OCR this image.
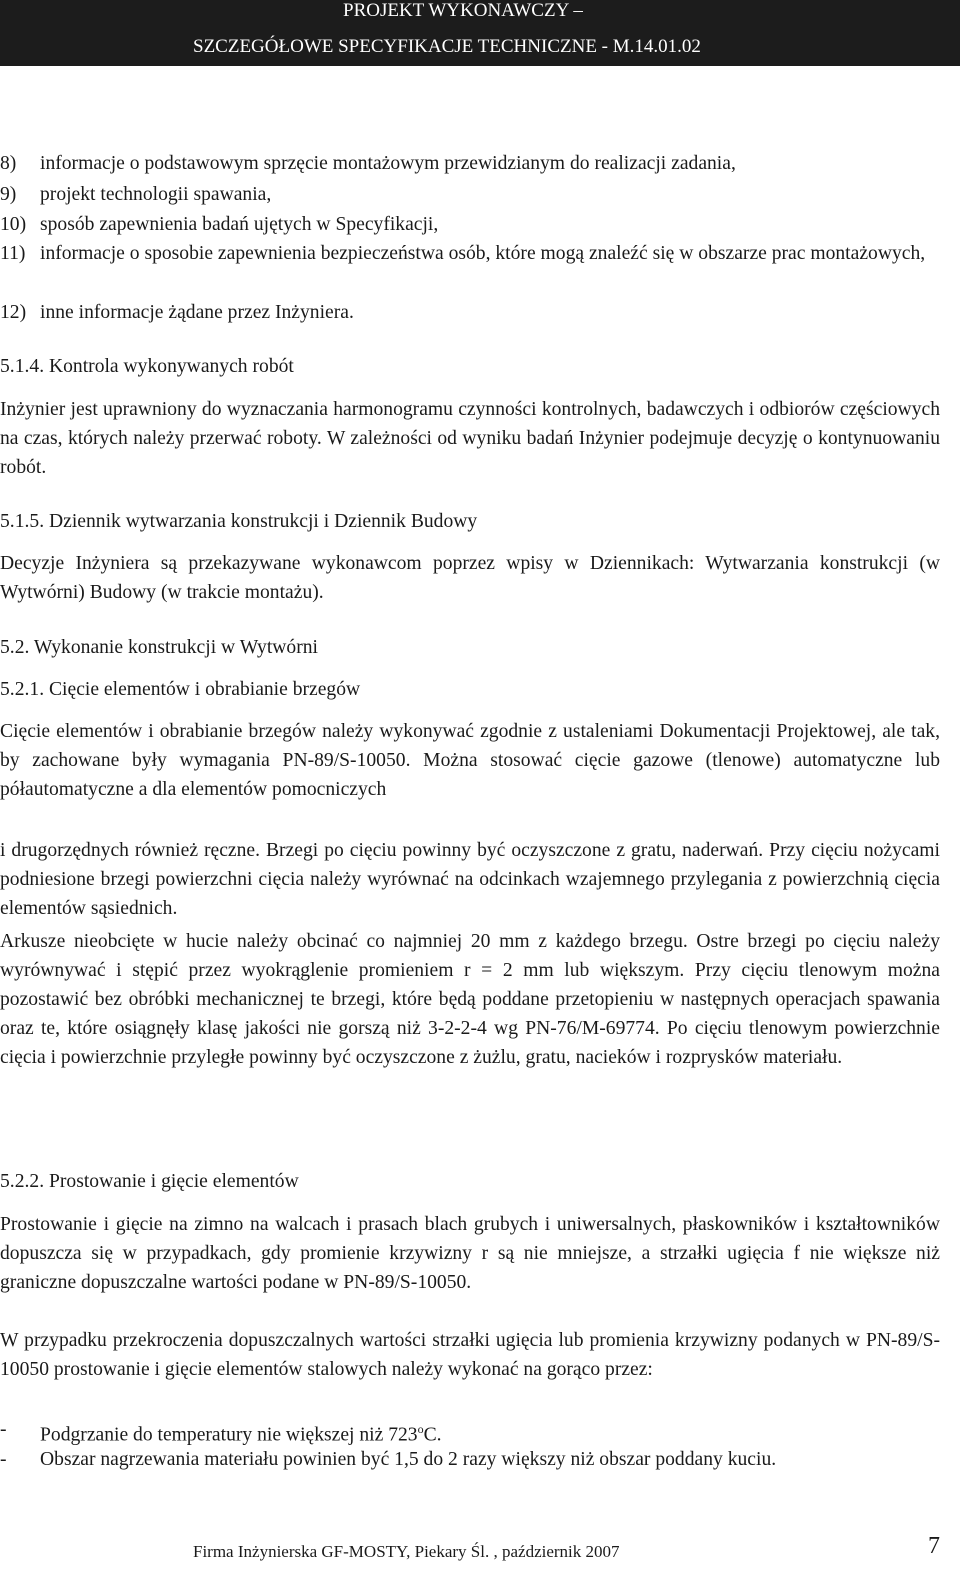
PROJEKT WYKONAWCZY –
SZCZEGÓŁOWE SPECYFIKACJE TECHNICZNE - M.14.01.02
8)	informacje o podstawowym sprzęcie montażowym przewidzianym do realizacji zadania,
9)	projekt technologii spawania,
10) sposób zapewnienia badań ujętych w Specyfikacji,
11) informacje o sposobie zapewnienia bezpieczeństwa osób, które mogą znaleźć się w obszarze prac montażowych,
12) inne informacje żądane przez Inżyniera.
5.1.4. Kontrola wykonywanych robót
Inżynier jest uprawniony do wyznaczania harmonogramu czynności kontrolnych, badawczych i odbiorów częściowych na czas, których należy przerwać roboty. W zależności od wyniku badań Inżynier podejmuje decyzję o kontynuowaniu robót.
5.1.5. Dziennik wytwarzania konstrukcji i Dziennik Budowy
Decyzje Inżyniera są przekazywane wykonawcom poprzez wpisy w Dziennikach: Wytwarzania konstrukcji (w Wytwórni) Budowy (w trakcie montażu).
5.2. Wykonanie konstrukcji w Wytwórni
5.2.1. Cięcie elementów i obrabianie brzegów
Cięcie elementów i obrabianie brzegów należy wykonywać zgodnie z ustaleniami Dokumentacji Projektowej, ale tak, by zachowane były wymagania PN-89/S-10050. Można stosować cięcie gazowe (tlenowe) automatyczne lub półautomatyczne a dla elementów pomocniczych
i drugorzędnych również ręczne. Brzegi po cięciu powinny być oczyszczone z gratu, naderwań. Przy cięciu nożycami podniesione brzegi powierzchni cięcia należy wyrównać na odcinkach wzajemnego przylegania z powierzchnią cięcia elementów sąsiednich.
Arkusze nieobcięte w hucie należy obcinać co najmniej 20 mm z każdego brzegu. Ostre brzegi po cięciu należy wyrównywać i stępić przez wyokrąglenie promieniem r = 2 mm lub większym. Przy cięciu tlenowym można pozostawić bez obróbki mechanicznej te brzegi, które będą poddane przetopieniu w następnych operacjach spawania oraz te, które osiągnęły klasę jakości nie gorszą niż 3-2-2-4 wg PN-76/M-69774. Po cięciu tlenowym powierzchnie cięcia i powierzchnie przyległe powinny być oczyszczone z żużlu, gratu, nacieków i rozprysków materiału.
5.2.2. Prostowanie i gięcie elementów
Prostowanie i gięcie na zimno na walcach i prasach blach grubych i uniwersalnych, płaskowników i kształtowników dopuszcza się w przypadkach, gdy promienie krzywizny r są nie mniejsze, a strzałki ugięcia f nie większe niż graniczne dopuszczalne wartości podane w PN-89/S-10050.
W przypadku przekroczenia dopuszczalnych wartości strzałki ugięcia lub promienia krzywizny podanych w PN-89/S-10050 prostowanie i gięcie elementów stalowych należy wykonać na gorąco przez:
-	Podgrzanie do temperatury nie większej niż 723$^o$C.
-	Obszar nagrzewania materiału powinien być 1,5 do 2 razy większy niż obszar poddany kuciu.
Firma Inżynierska GF-MOSTY, Piekary Śl. , październik 2007	7
